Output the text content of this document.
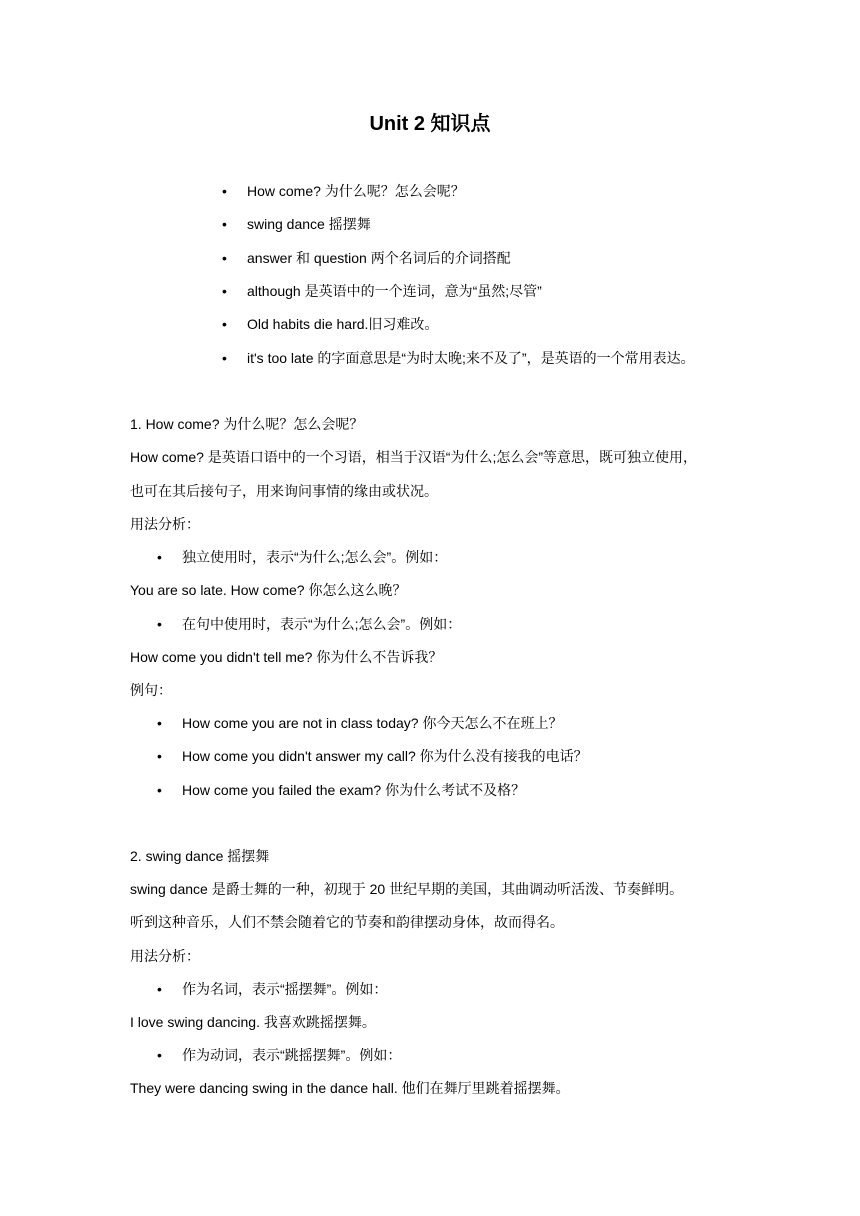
Unit 2 知识点
• How come? 为什么呢？怎么会呢？
• swing dance 摇摆舞
• answer 和 question 两个名词后的介词搭配
• although 是英语中的一个连词，意为“虽然;尽管”
• Old habits die hard.旧习难改。
• it's too late 的字面意思是“为时太晚;来不及了”，是英语的一个常用表达。
1. How come? 为什么呢？怎么会呢？
How come? 是英语口语中的一个习语，相当于汉语“为什么;怎么会”等意思，既可独立使用，
也可在其后接句子，用来询问事情的缘由或状况。
用法分析：
• 独立使用时，表示“为什么;怎么会”。例如：
You are so late. How come? 你怎么这么晚？
• 在句中使用时，表示“为什么;怎么会”。例如：
How come you didn't tell me? 你为什么不告诉我？
例句：
• How come you are not in class today? 你今天怎么不在班上？
• How come you didn't answer my call? 你为什么没有接我的电话？
• How come you failed the exam? 你为什么考试不及格？
2. swing dance 摇摆舞
swing dance 是爵士舞的一种，初现于 20 世纪早期的美国，其曲调动听活泼、节奏鲜明。
听到这种音乐，人们不禁会随着它的节奏和韵律摆动身体，故而得名。
用法分析：
• 作为名词，表示“摇摆舞”。例如：
I love swing dancing. 我喜欢跳摇摆舞。
• 作为动词，表示“跳摇摆舞”。例如：
They were dancing swing in the dance hall. 他们在舞厅里跳着摇摆舞。
